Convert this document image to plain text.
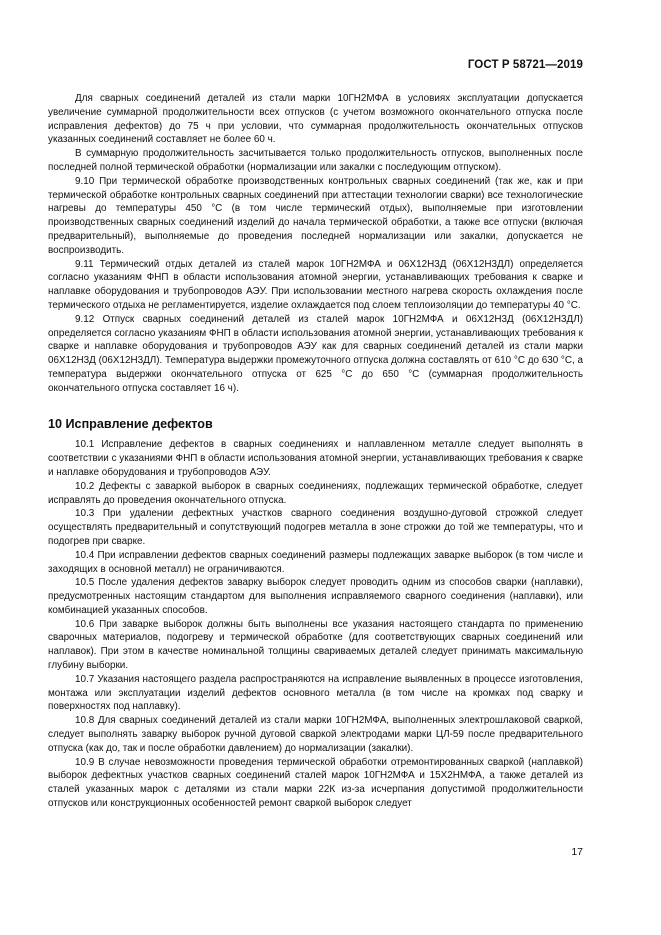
ГОСТ Р 58721—2019

Для сварных соединений деталей из стали марки 10ГН2МФА в условиях эксплуатации допускается увеличение суммарной продолжительности всех отпусков (с учетом возможного окончательного отпуска после исправления дефектов) до 75 ч при условии, что суммарная продолжительность окончательных отпусков указанных соединений составляет не более 60 ч.

В суммарную продолжительность засчитывается только продолжительность отпусков, выполненных после последней полной термической обработки (нормализации или закалки с последующим отпуском).

9.10 При термической обработке производственных контрольных сварных соединений (так же, как и при термической обработке контрольных сварных соединений при аттестации технологии сварки) все технологические нагревы до температуры 450 °С (в том числе термический отдых), выполняемые при изготовлении производственных сварных соединений изделий до начала термической обработки, а также все отпуски (включая предварительный), выполняемые до проведения последней нормализации или закалки, допускается не воспроизводить.

9.11 Термический отдых деталей из сталей марок 10ГН2МФА и 06Х12Н3Д (06Х12Н3ДЛ) определяется согласно указаниям ФНП в области использования атомной энергии, устанавливающих требования к сварке и наплавке оборудования и трубопроводов АЭУ. При использовании местного нагрева скорость охлаждения после термического отдыха не регламентируется, изделие охлаждается под слоем теплоизоляции до температуры 40 °С.

9.12 Отпуск сварных соединений деталей из сталей марок 10ГН2МФА и 06Х12Н3Д (06Х12Н3ДЛ) определяется согласно указаниям ФНП в области использования атомной энергии, устанавливающих требования к сварке и наплавке оборудования и трубопроводов АЭУ как для сварных соединений деталей из стали марки 06Х12Н3Д (06Х12Н3ДЛ). Температура выдержки промежуточного отпуска должна составлять от 610 °С до 630 °С, а температура выдержки окончательного отпуска от 625 °С до 650 °С (суммарная продолжительность окончательного отпуска составляет 16 ч).

10 Исправление дефектов

10.1 Исправление дефектов в сварных соединениях и наплавленном металле следует выполнять в соответствии с указаниями ФНП в области использования атомной энергии, устанавливающих требования к сварке и наплавке оборудования и трубопроводов АЭУ.

10.2 Дефекты с заваркой выборок в сварных соединениях, подлежащих термической обработке, следует исправлять до проведения окончательного отпуска.

10.3 При удалении дефектных участков сварного соединения воздушно-дуговой строжкой следует осуществлять предварительный и сопутствующий подогрев металла в зоне строжки до той же температуры, что и подогрев при сварке.

10.4 При исправлении дефектов сварных соединений размеры подлежащих заварке выборок (в том числе и заходящих в основной металл) не ограничиваются.

10.5 После удаления дефектов заварку выборок следует проводить одним из способов сварки (наплавки), предусмотренных настоящим стандартом для выполнения исправляемого сварного соединения (наплавки), или комбинацией указанных способов.

10.6 При заварке выборок должны быть выполнены все указания настоящего стандарта по применению сварочных материалов, подогреву и термической обработке (для соответствующих сварных соединений или наплавок). При этом в качестве номинальной толщины свариваемых деталей следует принимать максимальную глубину выборки.

10.7 Указания настоящего раздела распространяются на исправление выявленных в процессе изготовления, монтажа или эксплуатации изделий дефектов основного металла (в том числе на кромках под сварку и поверхностях под наплавку).

10.8 Для сварных соединений деталей из стали марки 10ГН2МФА, выполненных электрошлаковой сваркой, следует выполнять заварку выборок ручной дуговой сваркой электродами марки ЦЛ-59 после предварительного отпуска (как до, так и после обработки давлением) до нормализации (закалки).

10.9 В случае невозможности проведения термической обработки отремонтированных сваркой (наплавкой) выборок дефектных участков сварных соединений сталей марок 10ГН2МФА и 15Х2НМФА, а также деталей из сталей указанных марок с деталями из стали марки 22К из-за исчерпания допустимой продолжительности отпусков или конструкционных особенностей ремонт сваркой выборок следует

17
